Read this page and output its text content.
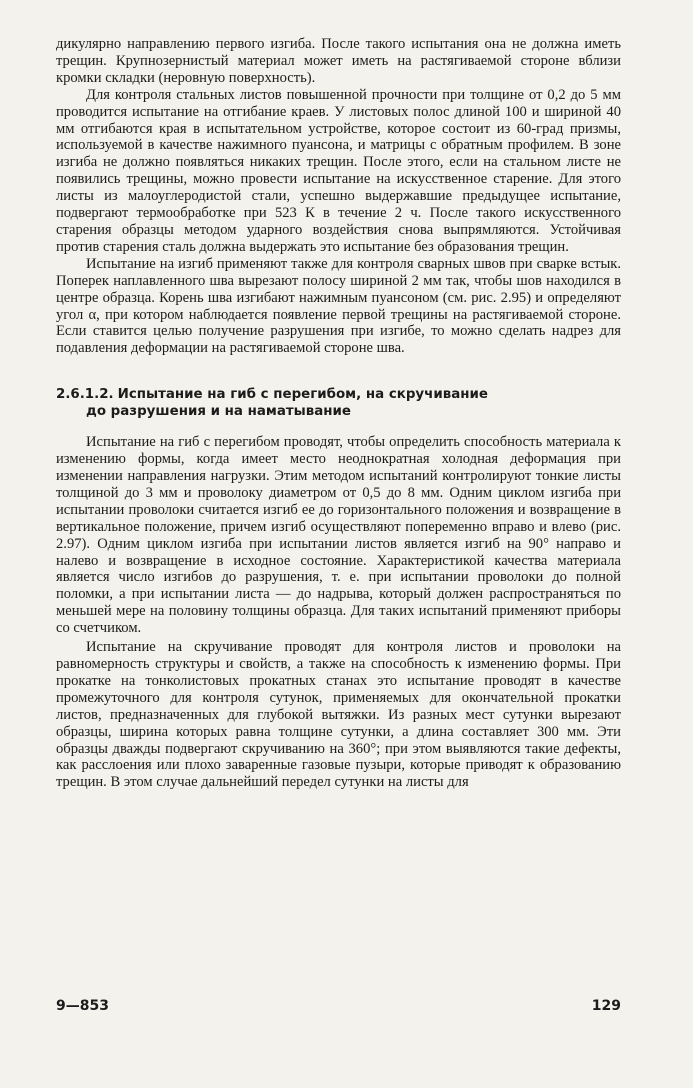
дикулярно направлению первого изгиба. После такого испытания она не должна иметь трещин. Крупнозернистый материал может иметь на растягиваемой стороне вблизи кромки складки (неровную поверхность).

Для контроля стальных листов повышенной прочности при толщине от 0,2 до 5 мм проводится испытание на отгибание краев. У листовых полос длиной 100 и шириной 40 мм отгибаются края в испытательном устройстве, которое состоит из 60-град призмы, используемой в качестве нажимного пуансона, и матрицы с обратным профилем. В зоне изгиба не должно появляться никаких трещин. После этого, если на стальном листе не появились трещины, можно провести испытание на искусственное старение. Для этого листы из малоуглеродистой стали, успешно выдержавшие предыдущее испытание, подвергают термообработке при 523 К в течение 2 ч. После такого искусственного старения образцы методом ударного воздействия снова выпрямляются. Устойчивая против старения сталь должна выдержать это испытание без образования трещин.

Испытание на изгиб применяют также для контроля сварных швов при сварке встык. Поперек наплавленного шва вырезают полосу шириной 2 мм так, чтобы шов находился в центре образца. Корень шва изгибают нажимным пуансоном (см. рис. 2.95) и определяют угол α, при котором наблюдается появление первой трещины на растягиваемой стороне. Если ставится целью получение разрушения при изгибе, то можно сделать надрез для подавления деформации на растягиваемой стороне шва.

2.6.1.2. Испытание на гиб с перегибом, на скручивание
до разрушения и на наматывание

Испытание на гиб с перегибом проводят, чтобы определить способность материала к изменению формы, когда имеет место неоднократная холодная деформация при изменении направления нагрузки. Этим методом испытаний контролируют тонкие листы толщиной до 3 мм и проволоку диаметром от 0,5 до 8 мм. Одним циклом изгиба при испытании проволоки считается изгиб ее до горизонтального положения и возвращение в вертикальное положение, причем изгиб осуществляют попеременно вправо и влево (рис. 2.97). Одним циклом изгиба при испытании листов является изгиб на 90° направо и налево и возвращение в исходное состояние. Характеристикой качества материала является число изгибов до разрушения, т. е. при испытании проволоки до полной поломки, а при испытании листа — до надрыва, который должен распространяться по меньшей мере на половину толщины образца. Для таких испытаний применяют приборы со счетчиком.

Испытание на скручивание проводят для контроля листов и проволоки на равномерность структуры и свойств, а также на способность к изменению формы. При прокатке на тонколистовых прокатных станах это испытание проводят в качестве промежуточного для контроля сутунок, применяемых для окончательной прокатки листов, предназначенных для глубокой вытяжки. Из разных мест сутунки вырезают образцы, ширина которых равна толщине сутунки, а длина составляет 300 мм. Эти образцы дважды подвергают скручиванию на 360°; при этом выявляются такие дефекты, как расслоения или плохо заваренные газовые пузыри, которые приводят к образованию трещин. В этом случае дальнейший передел сутунки на листы для

9—853	129
